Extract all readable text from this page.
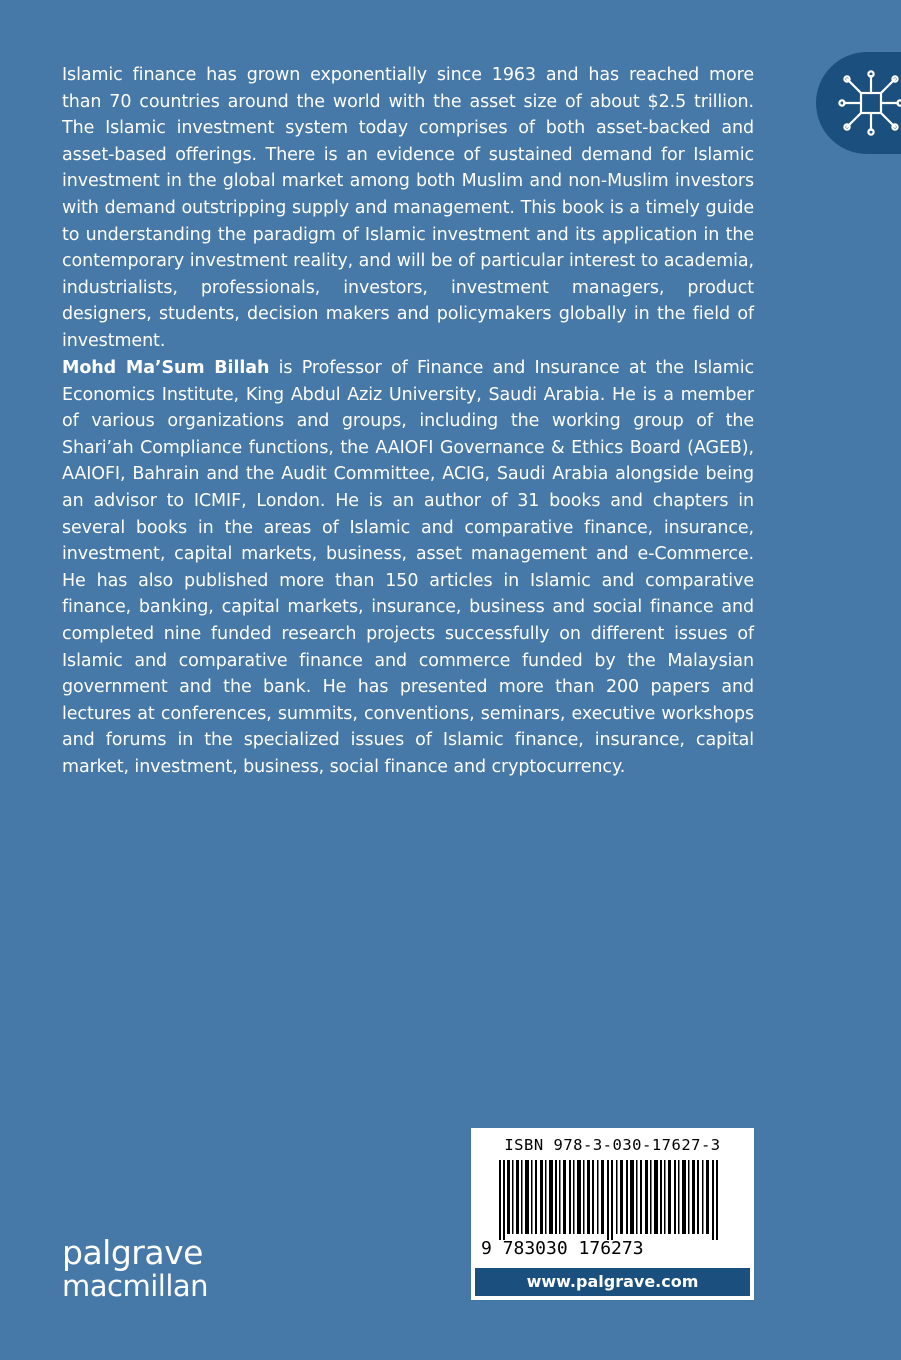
Islamic finance has grown exponentially since 1963 and has reached more than 70 countries around the world with the asset size of about $2.5 trillion. The Islamic investment system today comprises of both asset-backed and asset-based offerings. There is an evidence of sustained demand for Islamic investment in the global market among both Muslim and non-Muslim investors with demand outstripping supply and management. This book is a timely guide to understanding the paradigm of Islamic investment and its application in the contemporary investment reality, and will be of particular interest to academia, industrialists, professionals, investors, investment managers, product designers, students, decision makers and policymakers globally in the field of investment.

Mohd Ma’Sum Billah is Professor of Finance and Insurance at the Islamic Economics Institute, King Abdul Aziz University, Saudi Arabia. He is a member of various organizations and groups, including the working group of the Shari’ah Compliance functions, the AAIOFI Governance & Ethics Board (AGEB), AAIOFI, Bahrain and the Audit Committee, ACIG, Saudi Arabia alongside being an advisor to ICMIF, London. He is an author of 31 books and chapters in several books in the areas of Islamic and comparative finance, insurance, investment, capital markets, business, asset management and e-Commerce. He has also published more than 150 articles in Islamic and comparative finance, banking, capital markets, insurance, business and social finance and completed nine funded research projects successfully on different issues of Islamic and comparative finance and commerce funded by the Malaysian government and the bank. He has presented more than 200 papers and lectures at conferences, summits, conventions, seminars, executive workshops and forums in the specialized issues of Islamic finance, insurance, capital market, investment, business, social finance and cryptocurrency.

palgrave
macmillan
ISBN 978-3-030-17627-3
9 783030 176273
www.palgrave.com
